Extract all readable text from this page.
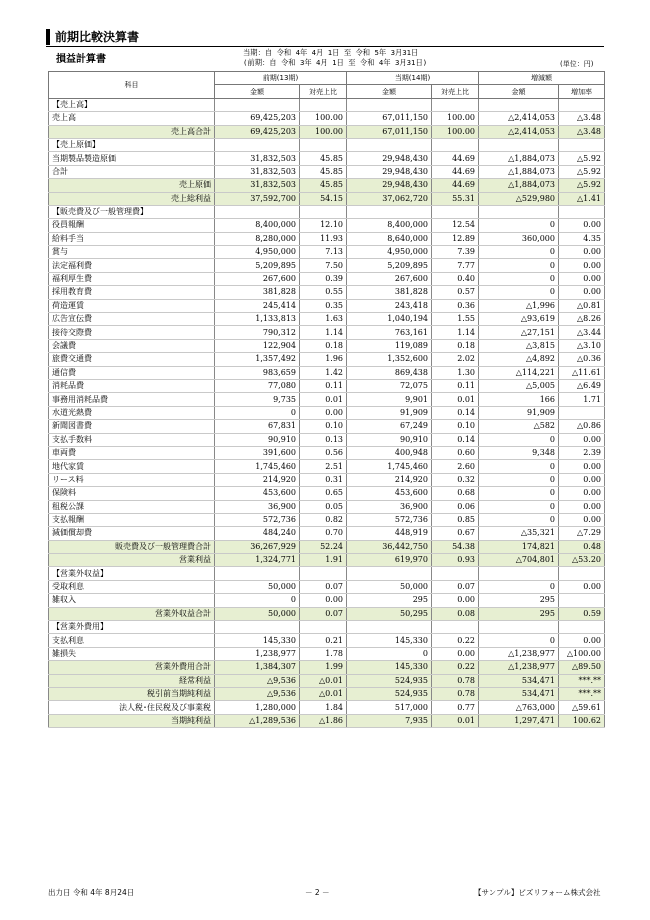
前期比較決算書
損益計算書
当期：自 令和 4年 4月 1日 至 令和 5年 3月31日
(前期：自 令和 3年 4月 1日 至 令和 4年 3月31日)	(単位：円)
科目	前期(13期)		当期(14期)		増減額	
	金額	対売上比	金額	対売上比	金額	増加率
【売上高】						
売上高	69,425,203	100.00	67,011,150	100.00	△2,414,053	△3.48
売上高合計	69,425,203	100.00	67,011,150	100.00	△2,414,053	△3.48
【売上原価】						
当期製品製造原価	31,832,503	45.85	29,948,430	44.69	△1,884,073	△5.92
合計	31,832,503	45.85	29,948,430	44.69	△1,884,073	△5.92
売上原価	31,832,503	45.85	29,948,430	44.69	△1,884,073	△5.92
売上総利益	37,592,700	54.15	37,062,720	55.31	△529,980	△1.41
【販売費及び一般管理費】						
役員報酬	8,400,000	12.10	8,400,000	12.54	0	0.00
給料手当	8,280,000	11.93	8,640,000	12.89	360,000	4.35
賞与	4,950,000	7.13	4,950,000	7.39	0	0.00
法定福利費	5,209,895	7.50	5,209,895	7.77	0	0.00
福利厚生費	267,600	0.39	267,600	0.40	0	0.00
採用教育費	381,828	0.55	381,828	0.57	0	0.00
荷造運賃	245,414	0.35	243,418	0.36	△1,996	△0.81
広告宣伝費	1,133,813	1.63	1,040,194	1.55	△93,619	△8.26
接待交際費	790,312	1.14	763,161	1.14	△27,151	△3.44
会議費	122,904	0.18	119,089	0.18	△3,815	△3.10
旅費交通費	1,357,492	1.96	1,352,600	2.02	△4,892	△0.36
通信費	983,659	1.42	869,438	1.30	△114,221	△11.61
消耗品費	77,080	0.11	72,075	0.11	△5,005	△6.49
事務用消耗品費	9,735	0.01	9,901	0.01	166	1.71
水道光熱費	0	0.00	91,909	0.14	91,909	
新聞図書費	67,831	0.10	67,249	0.10	△582	△0.86
支払手数料	90,910	0.13	90,910	0.14	0	0.00
車両費	391,600	0.56	400,948	0.60	9,348	2.39
地代家賃	1,745,460	2.51	1,745,460	2.60	0	0.00
リース料	214,920	0.31	214,920	0.32	0	0.00
保険料	453,600	0.65	453,600	0.68	0	0.00
租税公課	36,900	0.05	36,900	0.06	0	0.00
支払報酬	572,736	0.82	572,736	0.85	0	0.00
減価償却費	484,240	0.70	448,919	0.67	△35,321	△7.29
販売費及び一般管理費合計	36,267,929	52.24	36,442,750	54.38	174,821	0.48
営業利益	1,324,771	1.91	619,970	0.93	△704,801	△53.20
【営業外収益】						
受取利息	50,000	0.07	50,000	0.07	0	0.00
雑収入	0	0.00	295	0.00	295	
営業外収益合計	50,000	0.07	50,295	0.08	295	0.59
【営業外費用】						
支払利息	145,330	0.21	145,330	0.22	0	0.00
雑損失	1,238,977	1.78	0	0.00	△1,238,977	△100.00
営業外費用合計	1,384,307	1.99	145,330	0.22	△1,238,977	△89.50
経常利益	△9,536	△0.01	524,935	0.78	534,471	***.**
税引前当期純利益	△9,536	△0.01	524,935	0.78	534,471	***.**
法人税･住民税及び事業税	1,280,000	1.84	517,000	0.77	△763,000	△59.61
当期純利益	△1,289,536	△1.86	7,935	0.01	1,297,471	100.62
出力日 令和 4年 8月24日	－ 2 －	【サンプル】ビズリフォーム株式会社
